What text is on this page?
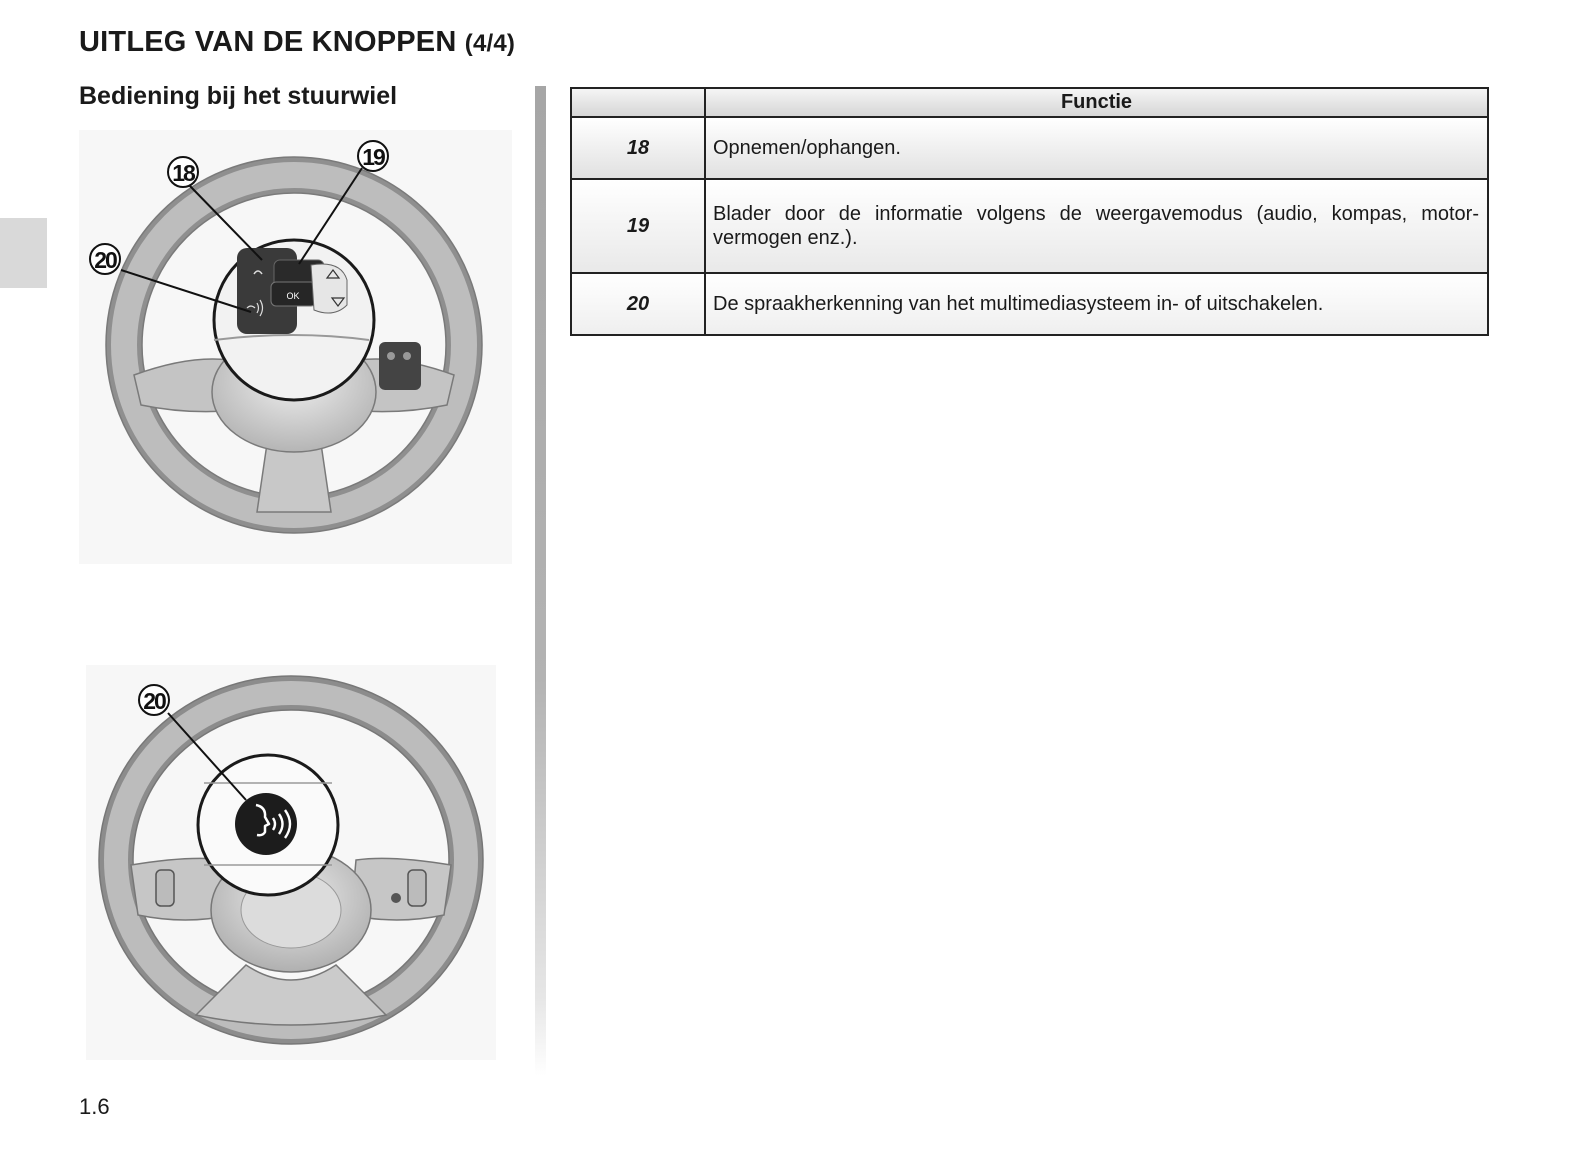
UITLEG VAN DE KNOPPEN (4/4)
Bediening bij het stuurwiel
OK
18
19
20
20
	Functie
18	Opnemen/ophangen.
19	Blader door de informatie volgens de weergavemodus (audio, kompas, motor-vermogen enz.).
20	De spraakherkenning van het multimediasysteem in- of uitschakelen.

1.6
